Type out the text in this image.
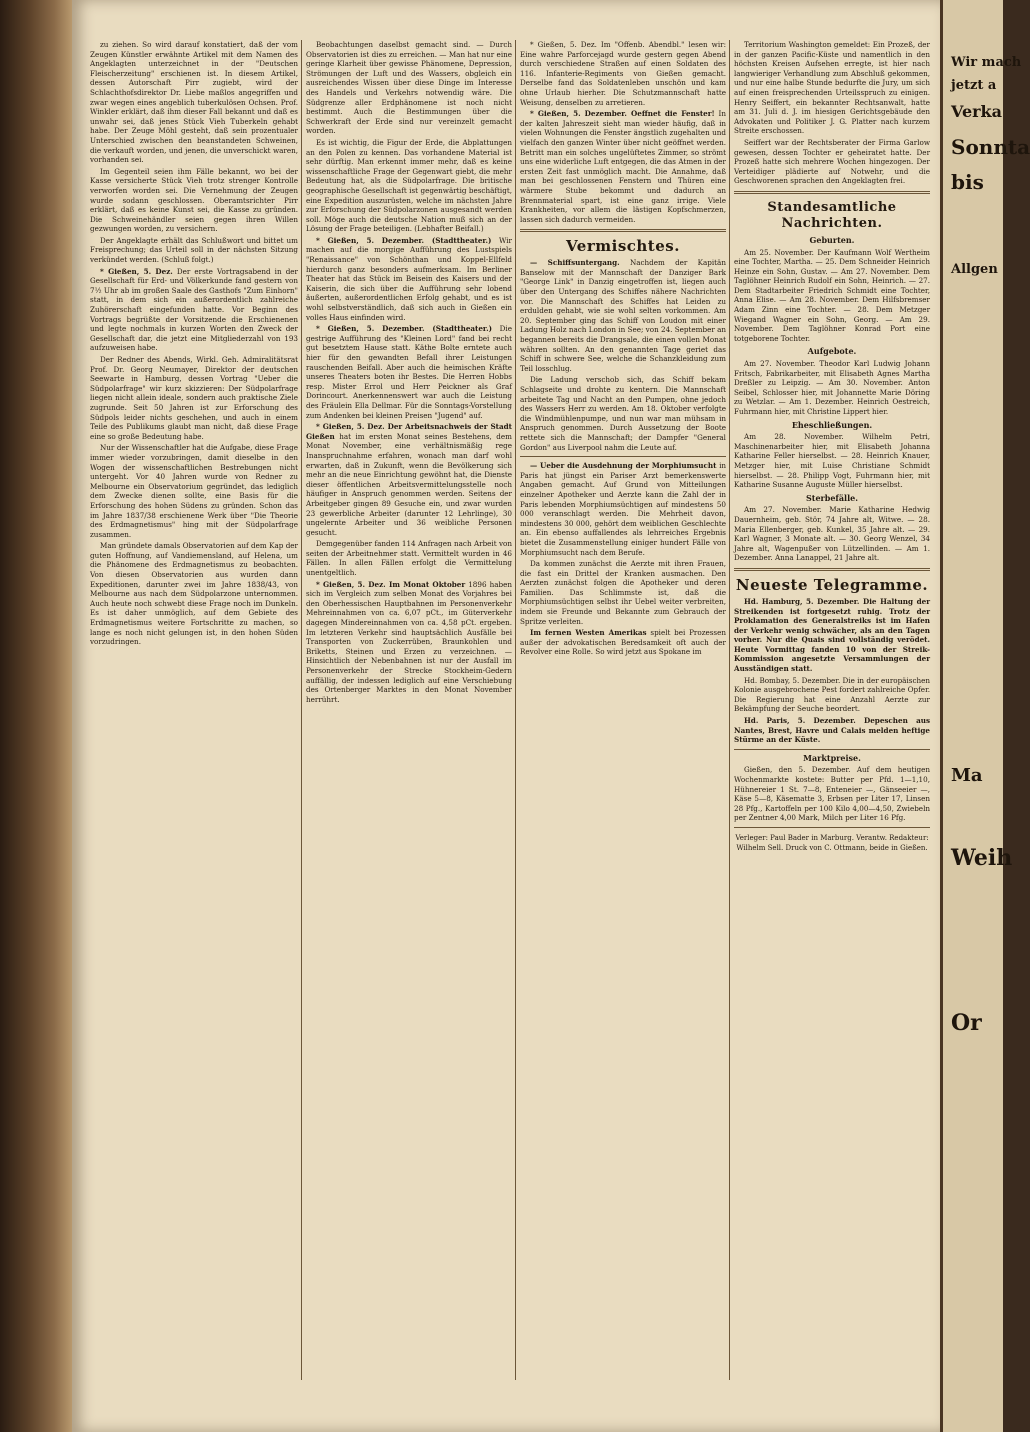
zu ziehen. So wird darauf konstatiert, daß der vom Zeugen Künstler erwähnte Artikel mit dem Namen des Angeklagten unterzeichnet in der "Deutschen Fleischerzeitung" erschienen ist. In diesem Artikel, dessen Autorschaft Pirr zugiebt, wird der Schlachthofsdirektor Dr. Liebe maßlos angegriffen und zwar wegen eines angeblich tuberkulösen Ochsen. Prof. Winkler erklärt, daß ihm dieser Fall bekannt und daß es unwahr sei, daß jenes Stück Vieh Tuberkeln gehabt habe. Der Zeuge Möhl gesteht, daß sein prozentualer Unterschied zwischen den beanstandeten Schweinen, die verkauft worden, und jenen, die unverschickt waren, vorhanden sei.

Im Gegenteil seien ihm Fälle bekannt, wo bei der Kasse versicherte Stück Vieh trotz strenger Kontrolle verworfen worden sei. Die Vernehmung der Zeugen wurde sodann geschlossen. Oberamtsrichter Pirr erklärt, daß es keine Kunst sei, die Kasse zu gründen. Die Schweinehändler seien gegen ihren Willen gezwungen worden, zu versichern.

Der Angeklagte erhält das Schlußwort und bittet um Freisprechung; das Urteil soll in der nächsten Sitzung verkündet werden. (Schluß folgt.)

* Gießen, 5. Dez. Der erste Vortragsabend in der Gesellschaft für Erd- und Völkerkunde fand gestern von 7½ Uhr ab im großen Saale des Gasthofs "Zum Einhorn" statt, in dem sich ein außerordentlich zahlreiche Zuhörerschaft eingefunden hatte. Vor Beginn des Vortrags begrüßte der Vorsitzende die Erschienenen und legte nochmals in kurzen Worten den Zweck der Gesellschaft dar, die jetzt eine Mitgliederzahl von 193 aufzuweisen habe.

Der Redner des Abends, Wirkl. Geh. Admiralitätsrat Prof. Dr. Georg Neumayer, Direktor der deutschen Seewarte in Hamburg, dessen Vortrag "Ueber die Südpolarfrage" wir kurz skizzieren: Der Südpolarfrage liegen nicht allein ideale, sondern auch praktische Ziele zugrunde. Seit 50 Jahren ist zur Erforschung des Südpols leider nichts geschehen, und auch in einem Teile des Publikums glaubt man nicht, daß diese Frage eine so große Bedeutung habe.

Nur der Wissenschaftler hat die Aufgabe, diese Frage immer wieder vorzubringen, damit dieselbe in den Wogen der wissenschaftlichen Bestrebungen nicht untergeht. Vor 40 Jahren wurde von Redner zu Melbourne ein Observatorium gegründet, das lediglich dem Zwecke dienen sollte, eine Basis für die Erforschung des hohen Südens zu gründen. Schon das im Jahre 1837/38 erschienene Werk über "Die Theorie des Erdmagnetismus" hing mit der Südpolarfrage zusammen.

Man gründete damals Observatorien auf dem Kap der guten Hoffnung, auf Vandiemensland, auf Helena, um die Phänomene des Erdmagnetismus zu beobachten. Von diesen Observatorien aus wurden dann Expeditionen, darunter zwei im Jahre 1838/43, von Melbourne aus nach dem Südpolarzone unternommen. Auch heute noch schwebt diese Frage noch im Dunkeln. Es ist daher unmöglich, auf dem Gebiete des Erdmagnetismus weitere Fortschritte zu machen, so lange es noch nicht gelungen ist, in den hohen Süden vorzudringen.

Beobachtungen daselbst gemacht sind. — Durch Observatorien ist dies zu erreichen. — Man hat nur eine geringe Klarheit über gewisse Phänomene, Depression, Strömungen der Luft und des Wassers, obgleich ein ausreichendes Wissen über diese Dinge im Interesse des Handels und Verkehrs notwendig wäre. Die Südgrenze aller Erdphänomene ist noch nicht bestimmt. Auch die Bestimmungen über die Schwerkraft der Erde sind nur vereinzelt gemacht worden.

Es ist wichtig, die Figur der Erde, die Abplattungen an den Polen zu kennen. Das vorhandene Material ist sehr dürftig. Man erkennt immer mehr, daß es keine wissenschaftliche Frage der Gegenwart giebt, die mehr Bedeutung hat, als die Südpolarfrage. Die britische geographische Gesellschaft ist gegenwärtig beschäftigt, eine Expedition auszurüsten, welche im nächsten Jahre zur Erforschung der Südpolarzonen ausgesandt werden soll. Möge auch die deutsche Nation muß sich an der Lösung der Frage beteiligen. (Lebhafter Beifall.)

* Gießen, 5. Dezember. (Stadttheater.) Wir machen auf die morgige Aufführung des Lustspiels "Renaissance" von Schönthan und Koppel-Ellfeld hierdurch ganz besonders aufmerksam. Im Berliner Theater hat das Stück im Beisein des Kaisers und der Kaiserin, die sich über die Aufführung sehr lobend äußerten, außerordentlichen Erfolg gehabt, und es ist wohl selbstverständlich, daß sich auch in Gießen ein volles Haus einfinden wird.

* Gießen, 5. Dezember. (Stadttheater.) Die gestrige Aufführung des "Kleinen Lord" fand bei recht gut besetztem Hause statt. Käthe Bolte erntete auch hier für den gewandten Befall ihrer Leistungen rauschenden Beifall. Aber auch die heimischen Kräfte unseres Theaters boten ihr Bestes. Die Herren Hobbs resp. Mister Errol und Herr Peickner als Graf Dorincourt. Anerkennenswert war auch die Leistung des Fräulein Ella Dellmar. Für die Sonntags-Vorstellung zum Andenken bei kleinen Preisen "Jugend" auf.

* Gießen, 5. Dez. Der Arbeitsnachweis der Stadt Gießen hat im ersten Monat seines Bestehens, dem Monat November, eine verhältnismäßig rege Inanspruchnahme erfahren, wonach man darf wohl erwarten, daß in Zukunft, wenn die Bevölkerung sich mehr an die neue Einrichtung gewöhnt hat, die Dienste dieser öffentlichen Arbeitsvermittelungsstelle noch häufiger in Anspruch genommen werden. Seitens der Arbeitgeber gingen 89 Gesuche ein, und zwar wurden 23 gewerbliche Arbeiter (darunter 12 Lehrlinge), 30 ungelernte Arbeiter und 36 weibliche Personen gesucht.

Demgegenüber fanden 114 Anfragen nach Arbeit von seiten der Arbeitnehmer statt. Vermittelt wurden in 46 Fällen. In allen Fällen erfolgt die Vermittelung unentgeltlich.

* Gießen, 5. Dez. Im Monat Oktober 1896 haben sich im Vergleich zum selben Monat des Vorjahres bei den Oberhessischen Hauptbahnen im Personenverkehr Mehreinnahmen von ca. 6,07 pCt., im Güterverkehr dagegen Mindereinnahmen von ca. 4,58 pCt. ergeben. Im letzteren Verkehr sind hauptsächlich Ausfälle bei Transporten von Zuckerrüben, Braunkohlen und Briketts, Steinen und Erzen zu verzeichnen. — Hinsichtlich der Nebenbahnen ist nur der Ausfall im Personenverkehr der Strecke Stockheim-Gedern auffällig, der indessen lediglich auf eine Verschiebung des Ortenberger Marktes in den Monat November herrührt.

* Gießen, 5. Dez. Im "Offenb. Abendbl." lesen wir: Eine wahre Parforcejagd wurde gestern gegen Abend durch verschiedene Straßen auf einen Soldaten des 116. Infanterie-Regiments von Gießen gemacht. Derselbe fand das Soldatenleben unschön und kam ohne Urlaub hierher. Die Schutzmannschaft hatte Weisung, denselben zu arretieren.

* Gießen, 5. Dezember. Oeffnet die Fenster! In der kalten Jahreszeit sieht man wieder häufig, daß in vielen Wohnungen die Fenster ängstlich zugehalten und vielfach den ganzen Winter über nicht geöffnet werden. Betritt man ein solches ungelüftetes Zimmer, so strömt uns eine widerliche Luft entgegen, die das Atmen in der ersten Zeit fast unmöglich macht. Die Annahme, daß man bei geschlossenen Fenstern und Thüren eine wärmere Stube bekommt und dadurch an Brennmaterial spart, ist eine ganz irrige. Viele Krankheiten, vor allem die lästigen Kopfschmerzen, lassen sich dadurch vermeiden.

Vermischtes.

— Schiffsuntergang. Nachdem der Kapitän Banselow mit der Mannschaft der Danziger Bark "George Link" in Danzig eingetroffen ist, liegen auch über den Untergang des Schiffes nähere Nachrichten vor. Die Mannschaft des Schiffes hat Leiden zu erdulden gehabt, wie sie wohl selten vorkommen. Am 20. September ging das Schiff von Loudon mit einer Ladung Holz nach London in See; von 24. September an begannen bereits die Drangsale, die einen vollen Monat währen sollten. An den genannten Tage geriet das Schiff in schwere See, welche die Schanzkleidung zum Teil losschlug.

Die Ladung verschob sich, das Schiff bekam Schlagseite und drohte zu kentern. Die Mannschaft arbeitete Tag und Nacht an den Pumpen, ohne jedoch des Wassers Herr zu werden. Am 18. Oktober verfolgte die Windmühlenpumpe, und nun war man mühsam in Anspruch genommen. Durch Aussetzung der Boote rettete sich die Mannschaft; der Dampfer "General Gordon" aus Liverpool nahm die Leute auf.

— Ueber die Ausdehnung der Morphiumsucht in Paris hat jüngst ein Pariser Arzt bemerkenswerte Angaben gemacht. Auf Grund von Mitteilungen einzelner Apotheker und Aerzte kann die Zahl der in Paris lebenden Morphiumsüchtigen auf mindestens 50 000 veranschlagt werden. Die Mehrheit davon, mindestens 30 000, gehört dem weiblichen Geschlechte an. Ein ebenso auffallendes als lehrreiches Ergebnis bietet die Zusammenstellung einiger hundert Fälle von Morphiumsucht nach dem Berufe.

Da kommen zunächst die Aerzte mit ihren Frauen, die fast ein Drittel der Kranken ausmachen. Den Aerzten zunächst folgen die Apotheker und deren Familien. Das Schlimmste ist, daß die Morphiumsüchtigen selbst ihr Uebel weiter verbreiten, indem sie Freunde und Bekannte zum Gebrauch der Spritze verleiten.

Im fernen Westen Amerikas spielt bei Prozessen außer der advokatischen Beredsamkeit oft auch der Revolver eine Rolle. So wird jetzt aus Spokane im

Territorium Washington gemeldet: Ein Prozeß, der in der ganzen Pacific-Küste und namentlich in den höchsten Kreisen Aufsehen erregte, ist hier nach langwieriger Verhandlung zum Abschluß gekommen, und nur eine halbe Stunde bedurfte die Jury, um sich auf einen freisprechenden Urteilsspruch zu einigen. Henry Seiffert, ein bekannter Rechtsanwalt, hatte am 31. Juli d. J. im hiesigen Gerichtsgebäude den Advokaten und Politiker J. G. Platter nach kurzem Streite erschossen.

Seiffert war der Rechtsberater der Firma Garlow gewesen, dessen Tochter er geheiratet hatte. Der Prozeß hatte sich mehrere Wochen hingezogen. Der Verteidiger plädierte auf Notwehr, und die Geschworenen sprachen den Angeklagten frei.

Standesamtliche Nachrichten.
Geburten.

Am 25. November. Der Kaufmann Wolf Wertheim eine Tochter, Martha. — 25. Dem Schneider Heinrich Heinze ein Sohn, Gustav. — Am 27. November. Dem Taglöhner Heinrich Rudolf ein Sohn, Heinrich. — 27. Dem Stadtarbeiter Friedrich Schmidt eine Tochter, Anna Elise. — Am 28. November. Dem Hilfsbremser Adam Zinn eine Tochter. — 28. Dem Metzger Wiegand Wagner ein Sohn, Georg. — Am 29. November. Dem Taglöhner Konrad Port eine totgeborene Tochter.

Aufgebote.

Am 27. November. Theodor Karl Ludwig Johann Fritsch, Fabrikarbeiter, mit Elisabeth Agnes Martha Dreßler zu Leipzig. — Am 30. November. Anton Seibel, Schlosser hier, mit Johannette Marie Döring zu Wetzlar. — Am 1. Dezember. Heinrich Oestreich, Fuhrmann hier, mit Christine Lippert hier.

Eheschließungen.

Am 28. November. Wilhelm Petri, Maschinenarbeiter hier, mit Elisabeth Johanna Katharine Feller hierselbst. — 28. Heinrich Knauer, Metzger hier, mit Luise Christiane Schmidt hierselbst. — 28. Philipp Vogt, Fuhrmann hier, mit Katharine Susanne Auguste Müller hierselbst.

Sterbefälle.

Am 27. November. Marie Katharine Hedwig Dauernheim, geb. Stör, 74 Jahre alt, Witwe. — 28. Maria Ellenberger, geb. Kunkel, 35 Jahre alt. — 29. Karl Wagner, 3 Monate alt. — 30. Georg Wenzel, 34 Jahre alt, Wagenpußer von Lützellinden. — Am 1. Dezember. Anna Lanappel, 21 Jahre alt.

Neueste Telegramme.

Hd. Hamburg, 5. Dezember. Die Haltung der Streikenden ist fortgesetzt ruhig. Trotz der Proklamation des Generalstreiks ist im Hafen der Verkehr wenig schwächer, als an den Tagen vorher. Nur die Quais sind vollständig verödet. Heute Vormittag fanden 10 von der Streik-Kommission angesetzte Versammlungen der Ausständigen statt.

Hd. Bombay, 5. Dezember. Die in der europäischen Kolonie ausgebrochene Pest fordert zahlreiche Opfer. Die Regierung hat eine Anzahl Aerzte zur Bekämpfung der Seuche beordert.

Hd. Paris, 5. Dezember. Depeschen aus Nantes, Brest, Havre und Calais melden heftige Stürme an der Küste.

Marktpreise.

Gießen, den 5. Dezember. Auf dem heutigen Wochenmarkte kostete: Butter per Pfd. 1—1,10, Hühnereier 1 St. 7—8, Enteneier —, Gänseeier —, Käse 5—8, Käsematte 3, Erbsen per Liter 17, Linsen 28 Pfg., Kartoffeln per 100 Kilo 4,00—4,50, Zwiebeln per Zentner 4,00 Mark, Milch per Liter 16 Pfg.

Verleger: Paul Bader in Marburg. Verantw. Redakteur: Wilhelm Sell. Druck von C. Ottmann, beide in Gießen.
Wir mach
jetzt a
Verka
Sonnta
bis
Allgen
Ma
Weih
Or
